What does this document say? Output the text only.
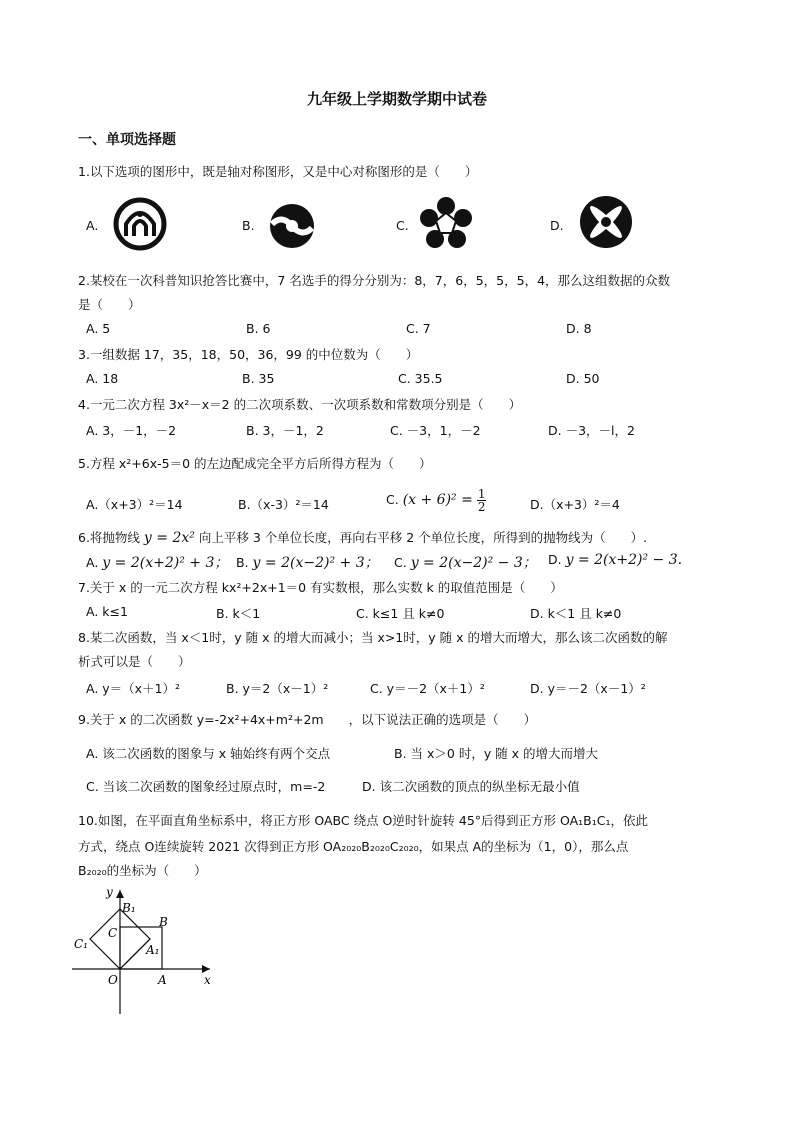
九年级上学期数学期中试卷
一、单项选择题
1.以下选项的图形中，既是轴对称图形，又是中心对称图形的是（　　）
A.	B.	C.	D.
2.某校在一次科普知识抢答比赛中，7 名选手的得分分别为：8，7，6，5，5，5，4，那么这组数据的众数
是（　　）
A. 5	B. 6	C. 7	D. 8
3.一组数据 17，35，18，50，36，99 的中位数为（　　）
A. 18	B. 35	C. 35.5	D. 50
4.一元二次方程 3x²－x＝2 的二次项系数、一次项系数和常数项分别是（　　）
A. 3，－1，－2	B. 3，－1，2	C. －3，1，－2	D. －3，－l，2
5.方程 x²+6x-5＝0 的左边配成完全平方后所得方程为（　　）
A.（x+3）²＝14	B.（x-3）²＝14	C. $(x + 6)^2 = \frac{1}{2}$	D.（x+3）²＝4
6.将抛物线 y = 2x² 向上平移 3 个单位长度，再向右平移 2 个单位长度，所得到的抛物线为（　　）.
A. y = 2(x+2)² + 3； B. y = 2(x−2)² + 3； C. y = 2(x−2)² − 3； D. y = 2(x+2)² − 3.
7.关于 x 的一元二次方程 kx²+2x+1＝0 有实数根，那么实数 k 的取值范围是（　　）
A. k≤1	B. k＜1	C. k≤1 且 k≠0	D. k＜1 且 k≠0
8.某二次函数，当 x＜1时，y 随 x 的增大而减小；当 x>1时，y 随 x 的增大而增大，那么该二次函数的解
析式可以是（　　）
A. y＝（x＋1）²	B. y＝2（x－1）²	C. y＝－2（x＋1）²	D. y＝－2（x－1）²
9.关于 x 的二次函数 y=-2x²+4x+m²+2m　　，以下说法正确的选项是（　　）
A. 该二次函数的图象与 x 轴始终有两个交点	B. 当 x＞0 时，y 随 x 的增大而增大
C. 当该二次函数的图象经过原点时，m=-2	D. 该二次函数的顶点的纵坐标无最小值
10.如图，在平面直角坐标系中，将正方形 OABC 绕点 O逆时针旋转 45°后得到正方形 OA₁B₁C₁，依此
方式，绕点 O连续旋转 2021 次得到正方形 OA₂₀₂₀B₂₀₂₀C₂₀₂₀，如果点 A的坐标为（1，0），那么点
B₂₀₂₀的坐标为（　　）
y
x
O	A
B
C
A₁
B₁
C₁
